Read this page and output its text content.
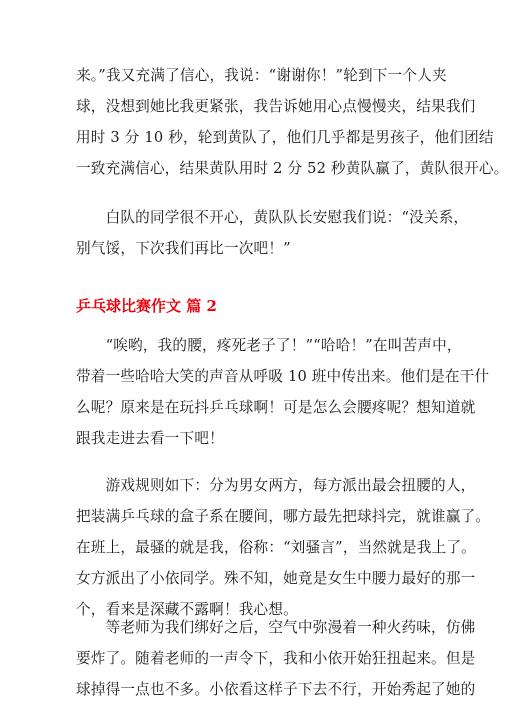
来。”我又充满了信心，我说：“谢谢你！”轮到下一个人夹
球，没想到她比我更紧张，我告诉她用心点慢慢夹，结果我们
用时 3 分 10 秒，轮到黄队了，他们几乎都是男孩子，他们团结
一致充满信心，结果黄队用时 2 分 52 秒黄队赢了，黄队很开心。
　　白队的同学很不开心，黄队队长安慰我们说：“没关系，
别气馁，下次我们再比一次吧！”
乒乓球比赛作文 篇 2
　　“唉哟，我的腰，疼死老子了！”“哈哈！”在叫苦声中，
带着一些哈哈大笑的声音从呼吸 10 班中传出来。他们是在干什
么呢？原来是在玩抖乒乓球啊！可是怎么会腰疼呢？想知道就
跟我走进去看一下吧！
　　游戏规则如下：分为男女两方，每方派出最会扭腰的人，
把装满乒乓球的盒子系在腰间，哪方最先把球抖完，就谁赢了。
在班上，最骚的就是我，俗称：“刘骚言”，当然就是我上了。
女方派出了小依同学。殊不知，她竟是女生中腰力最好的那一
个，看来是深藏不露啊！我心想。
　　等老师为我们绑好之后，空气中弥漫着一种火药味，仿佛
要炸了。随着老师的一声令下，我和小依开始狂扭起来。但是
球掉得一点也不多。小依看这样子下去不行，开始秀起了她的
